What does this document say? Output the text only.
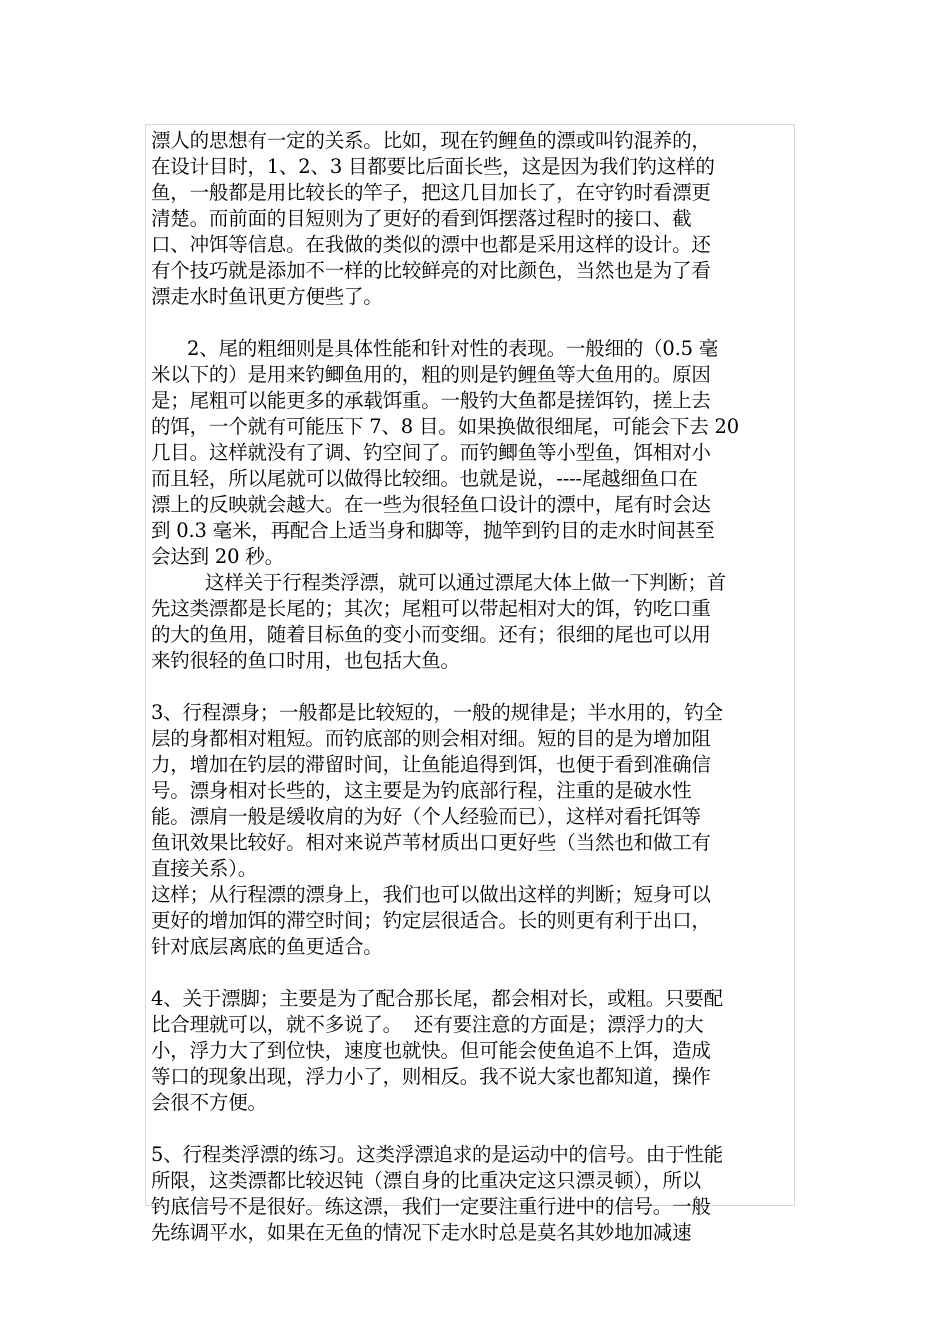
漂人的思想有一定的关系。比如，现在钓鲤鱼的漂或叫钓混养的，
在设计目时，1、2、3 目都要比后面长些，这是因为我们钓这样的
鱼，一般都是用比较长的竿子，把这几目加长了，在守钓时看漂更
清楚。而前面的目短则为了更好的看到饵摆落过程时的接口、截
口、冲饵等信息。在我做的类似的漂中也都是采用这样的设计。还
有个技巧就是添加不一样的比较鲜亮的对比颜色，当然也是为了看
漂走水时鱼讯更方便些了。
2、尾的粗细则是具体性能和针对性的表现。一般细的（0.5 毫
米以下的）是用来钓鲫鱼用的，粗的则是钓鲤鱼等大鱼用的。原因
是；尾粗可以能更多的承载饵重。一般钓大鱼都是搓饵钓，搓上去
的饵，一个就有可能压下 7、8 目。如果换做很细尾，可能会下去 20
几目。这样就没有了调、钓空间了。而钓鲫鱼等小型鱼，饵相对小
而且轻，所以尾就可以做得比较细。也就是说，----尾越细鱼口在
漂上的反映就会越大。在一些为很轻鱼口设计的漂中，尾有时会达
到 0.3 毫米，再配合上适当身和脚等，抛竿到钓目的走水时间甚至
会达到 20 秒。
这样关于行程类浮漂，就可以通过漂尾大体上做一下判断；首
先这类漂都是长尾的；其次；尾粗可以带起相对大的饵，钓吃口重
的大的鱼用，随着目标鱼的变小而变细。还有；很细的尾也可以用
来钓很轻的鱼口时用，也包括大鱼。
3、行程漂身；一般都是比较短的，一般的规律是；半水用的，钓全
层的身都相对粗短。而钓底部的则会相对细。短的目的是为增加阻
力，增加在钓层的滞留时间，让鱼能追得到饵，也便于看到准确信
号。漂身相对长些的，这主要是为钓底部行程，注重的是破水性
能。漂肩一般是缓收肩的为好（个人经验而已），这样对看托饵等
鱼讯效果比较好。相对来说芦苇材质出口更好些（当然也和做工有
直接关系）。
这样；从行程漂的漂身上，我们也可以做出这样的判断；短身可以
更好的增加饵的滞空时间；钓定层很适合。长的则更有利于出口，
针对底层离底的鱼更适合。
4、关于漂脚；主要是为了配合那长尾，都会相对长，或粗。只要配
比合理就可以，就不多说了。  还有要注意的方面是；漂浮力的大
小，浮力大了到位快，速度也就快。但可能会使鱼追不上饵，造成
等口的现象出现，浮力小了，则相反。我不说大家也都知道，操作
会很不方便。
5、行程类浮漂的练习。这类浮漂追求的是运动中的信号。由于性能
所限，这类漂都比较迟钝（漂自身的比重决定这只漂灵顿），所以
钓底信号不是很好。练这漂，我们一定要注重行进中的信号。一般
先练调平水，如果在无鱼的情况下走水时总是莫名其妙地加减速
